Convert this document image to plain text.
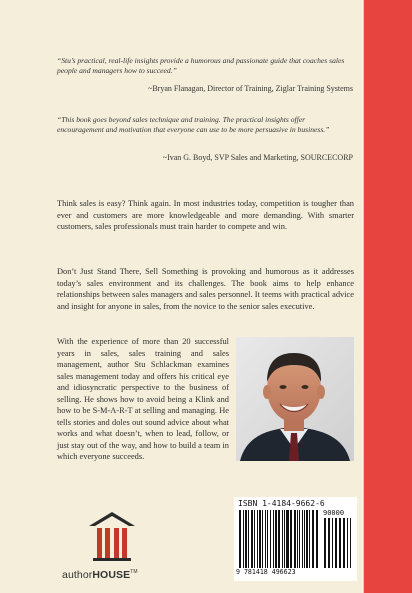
“Stu’s practical, real-life insights provide a humorous and passionate guide that coaches sales people and managers how to succeed.”
~Bryan Flanagan, Director of Training, Ziglar Training Systems
“This book goes beyond sales technique and training. The practical insights offer encouragement and motivation that everyone can use to be more persuasive in business.”
~Ivan G. Boyd, SVP Sales and Marketing, SOURCECORP
Think sales is easy? Think again. In most industries today, competition is tougher than ever and customers are more knowledgeable and more demanding. With smarter customers, sales professionals must train harder to compete and win.
Don’t Just Stand There, Sell Something is provoking and humorous as it addresses today’s sales environment and its challenges. The book aims to help enhance relationships between sales managers and sales personnel. It teems with practical advice and insight for anyone in sales, from the novice to the senior sales executive.
With the experience of more than 20 successful years in sales, sales training and sales management, author Stu Schlackman examines sales management today and offers his critical eye and idiosyncratic perspective to the business of selling. He shows how to avoid being a Klink and how to be S-M-A-R-T at selling and managing. He tells stories and doles out sound advice about what works and what doesn’t, when to lead, follow, or just stay out of the way, and how to build a team in which everyone succeeds.
authorHOUSE™
ISBN 1-4184-9662-6
90000
9 781418 496623
